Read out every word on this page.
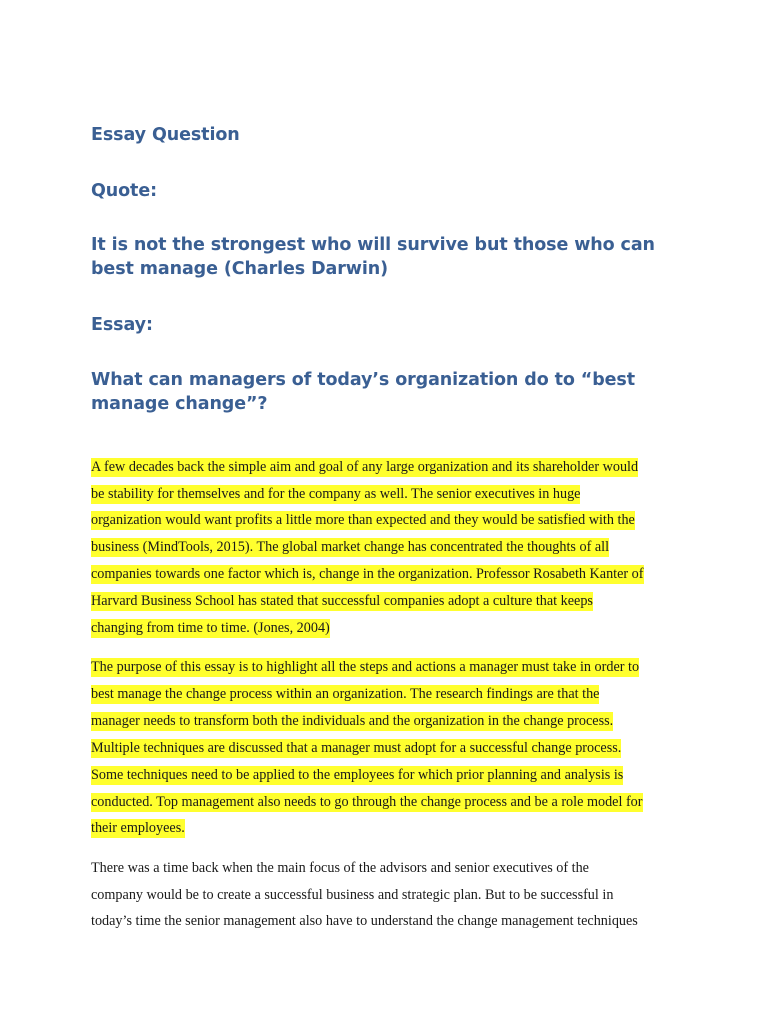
Essay Question
Quote:
It is not the strongest who will survive but those who can
best manage (Charles Darwin)
Essay:
What can managers of today’s organization do to “best
manage change”?

A few decades back the simple aim and goal of any large organization and its shareholder would

be stability for themselves and for the company as well. The senior executives in huge

organization would want profits a little more than expected and they would be satisfied with the

business (MindTools, 2015). The global market change has concentrated the thoughts of all

companies towards one factor which is, change in the organization. Professor Rosabeth Kanter of

Harvard Business School has stated that successful companies adopt a culture that keeps

changing from time to time. (Jones, 2004)

The purpose of this essay is to highlight all the steps and actions a manager must take in order to

best manage the change process within an organization. The research findings are that the

manager needs to transform both the individuals and the organization in the change process.

Multiple techniques are discussed that a manager must adopt for a successful change process.

Some techniques need to be applied to the employees for which prior planning and analysis is

conducted. Top management also needs to go through the change process and be a role model for

their employees.

There was a time back when the main focus of the advisors and senior executives of the

company would be to create a successful business and strategic plan. But to be successful in

today’s time the senior management also have to understand the change management techniques
